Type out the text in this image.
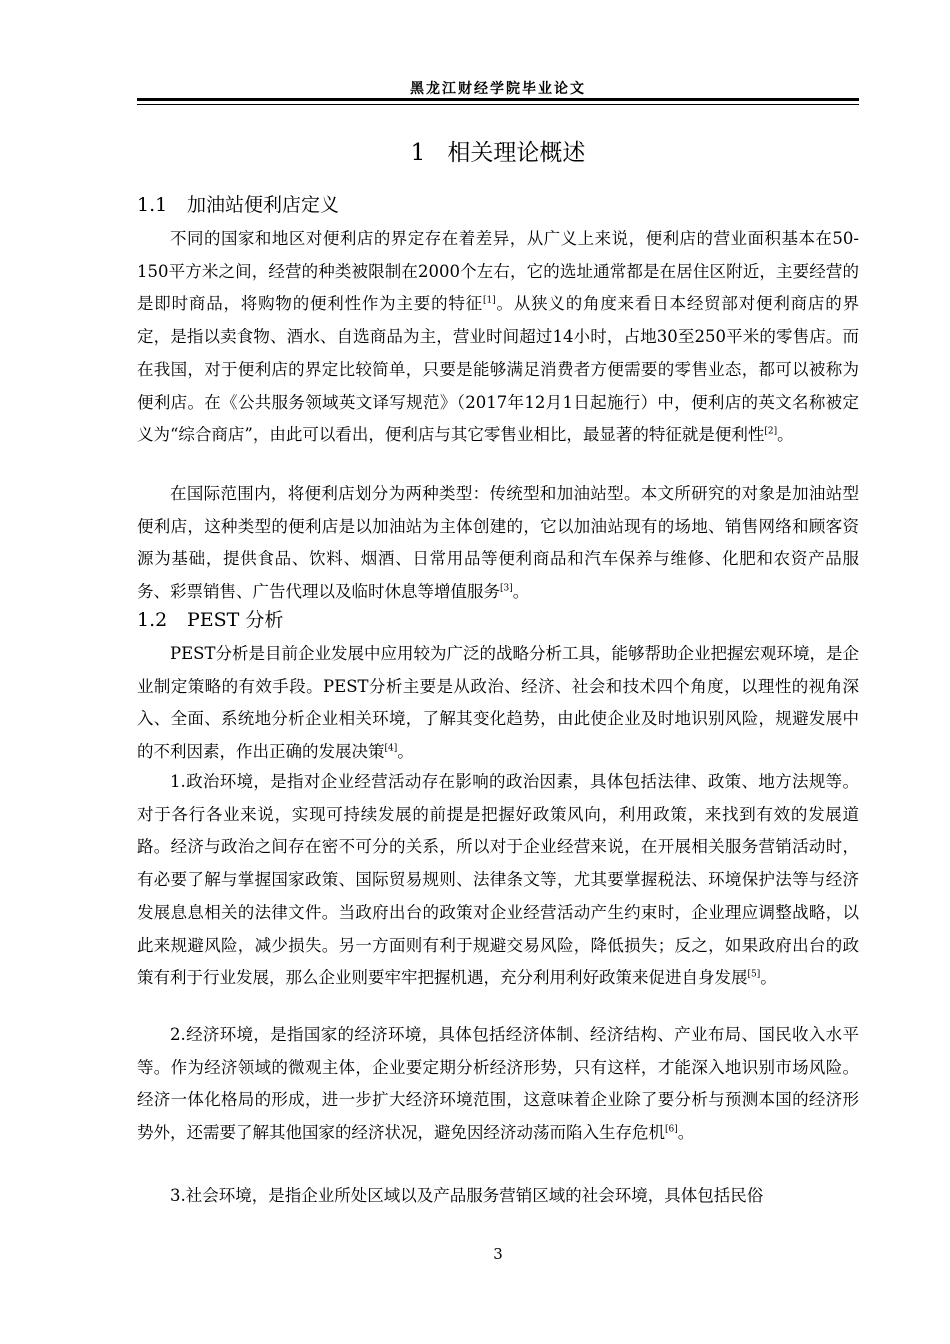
黑龙江财经学院毕业论文
1 相关理论概述
1.1 加油站便利店定义

不同的国家和地区对便利店的界定存在着差异，从广义上来说，便利店的营业面积基本在50-150平方米之间，经营的种类被限制在2000个左右，它的选址通常都是在居住区附近，主要经营的是即时商品，将购物的便利性作为主要的特征[1]。从狭义的角度来看日本经贸部对便利商店的界定，是指以卖食物、酒水、自选商品为主，营业时间超过14小时，占地30至250平米的零售店。而在我国，对于便利店的界定比较简单，只要是能够满足消费者方便需要的零售业态，都可以被称为便利店。在《公共服务领域英文译写规范》（2017年12月1日起施行）中，便利店的英文名称被定义为“综合商店”，由此可以看出，便利店与其它零售业相比，最显著的特征就是便利性[2]。

在国际范围内，将便利店划分为两种类型：传统型和加油站型。本文所研究的对象是加油站型便利店，这种类型的便利店是以加油站为主体创建的，它以加油站现有的场地、销售网络和顾客资源为基础，提供食品、饮料、烟酒、日常用品等便利商品和汽车保养与维修、化肥和农资产品服务、彩票销售、广告代理以及临时休息等增值服务[3]。

1.2 PEST 分析

PEST分析是目前企业发展中应用较为广泛的战略分析工具，能够帮助企业把握宏观环境，是企业制定策略的有效手段。PEST分析主要是从政治、经济、社会和技术四个角度，以理性的视角深入、全面、系统地分析企业相关环境，了解其变化趋势，由此使企业及时地识别风险，规避发展中的不利因素，作出正确的发展决策[4]。

1.政治环境，是指对企业经营活动存在影响的政治因素，具体包括法律、政策、地方法规等。对于各行各业来说，实现可持续发展的前提是把握好政策风向，利用政策，来找到有效的发展道路。经济与政治之间存在密不可分的关系，所以对于企业经营来说，在开展相关服务营销活动时，有必要了解与掌握国家政策、国际贸易规则、法律条文等，尤其要掌握税法、环境保护法等与经济发展息息相关的法律文件。当政府出台的政策对企业经营活动产生约束时，企业理应调整战略，以此来规避风险，减少损失。另一方面则有利于规避交易风险，降低损失；反之，如果政府出台的政策有利于行业发展，那么企业则要牢牢把握机遇，充分利用利好政策来促进自身发展[5]。

2.经济环境，是指国家的经济环境，具体包括经济体制、经济结构、产业布局、国民收入水平等。作为经济领域的微观主体，企业要定期分析经济形势，只有这样，才能深入地识别市场风险。经济一体化格局的形成，进一步扩大经济环境范围，这意味着企业除了要分析与预测本国的经济形势外，还需要了解其他国家的经济状况，避免因经济动荡而陷入生存危机[6]。

3.社会环境，是指企业所处区域以及产品服务营销区域的社会环境，具体包括民俗

3
